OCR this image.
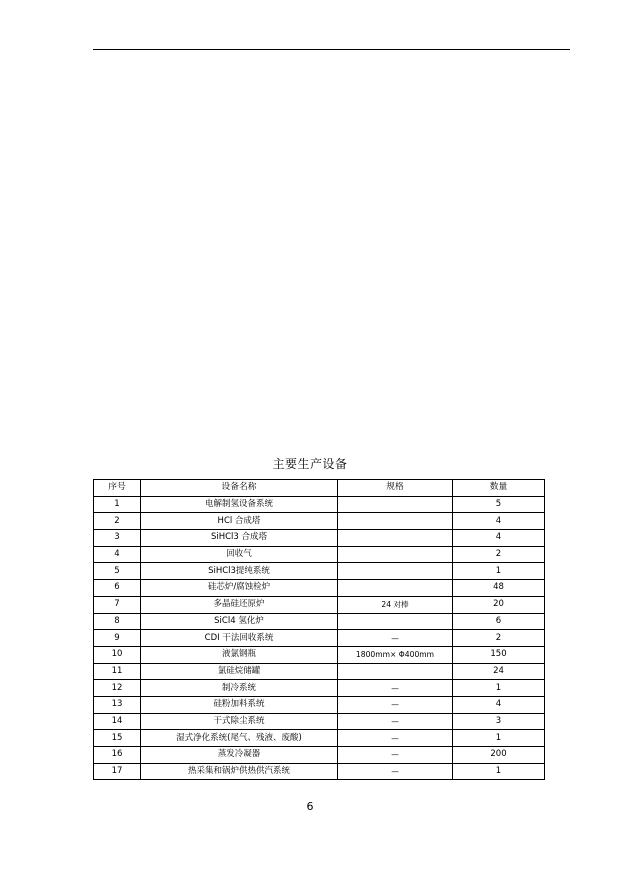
主要生产设备
序号	设备名称	规格	数量
1	电解制氢设备系统		5
2	HCl 合成塔		4
3	SiHCl3 合成塔		4
4	回收气		2
5	SiHCl3提纯系统		1
6	硅芯炉/腐蚀检炉		48
7	多晶硅还原炉	24 对棒	20
8	SiCl4 氢化炉		6
9	CDI 干法回收系统	—	2
10	液氯钢瓶	1800mm× Φ400mm	150
11	氯硅烷储罐		24
12	制冷系统	—	1
13	硅粉加料系统	—	4
14	干式除尘系统	—	3
15	湿式净化系统(尾气、残液、废酸)	—	1
16	蒸发冷凝器	—	200
17	热采集和锅炉供热供汽系统	—	1
6
